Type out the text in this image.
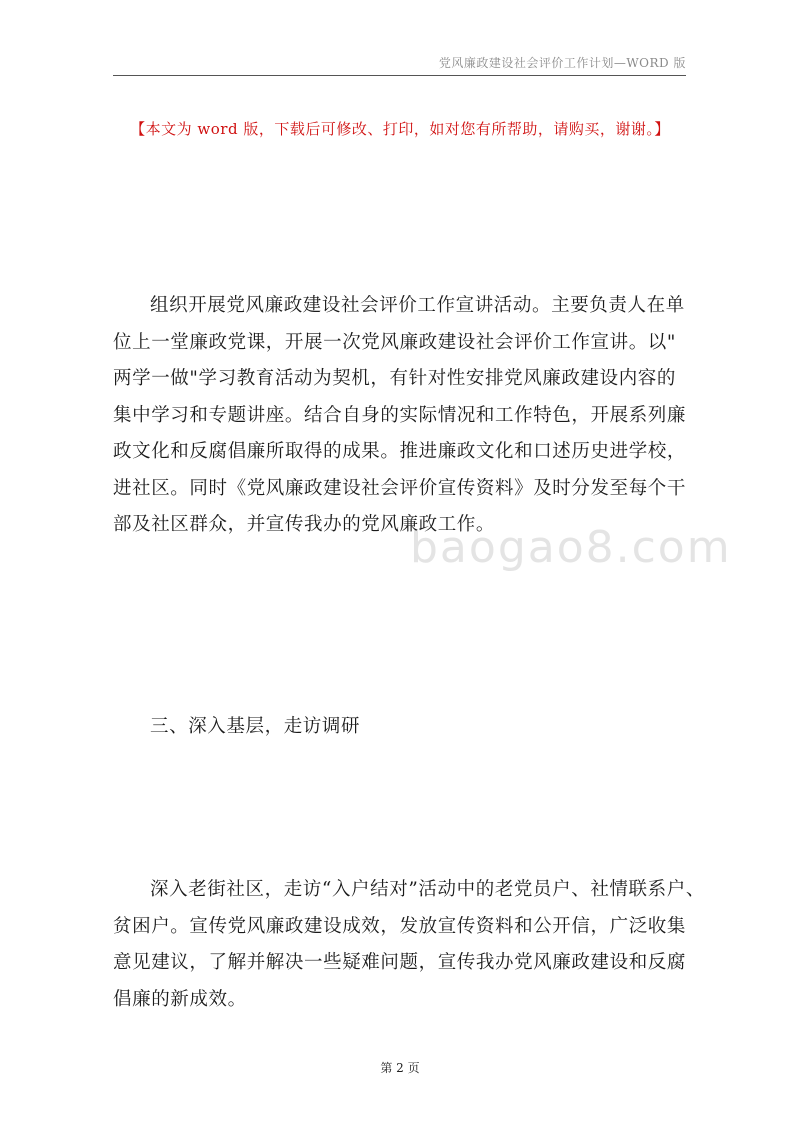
党风廉政建设社会评价工作计划—WORD 版
【本文为 word 版，下载后可修改、打印，如对您有所帮助，请购买，谢谢。】
baogao8.com
组织开展党风廉政建设社会评价工作宣讲活动。主要负责人在单
位上一堂廉政党课，开展一次党风廉政建设社会评价工作宣讲。以"
两学一做"学习教育活动为契机，有针对性安排党风廉政建设内容的
集中学习和专题讲座。结合自身的实际情况和工作特色，开展系列廉
政文化和反腐倡廉所取得的成果。推进廉政文化和口述历史进学校，
进社区。同时《党风廉政建设社会评价宣传资料》及时分发至每个干
部及社区群众，并宣传我办的党风廉政工作。
三、深入基层，走访调研
深入老街社区，走访“入户结对”活动中的老党员户、社情联系户、
贫困户。宣传党风廉政建设成效，发放宣传资料和公开信，广泛收集
意见建议，了解并解决一些疑难问题，宣传我办党风廉政建设和反腐
倡廉的新成效。
第 2 页
